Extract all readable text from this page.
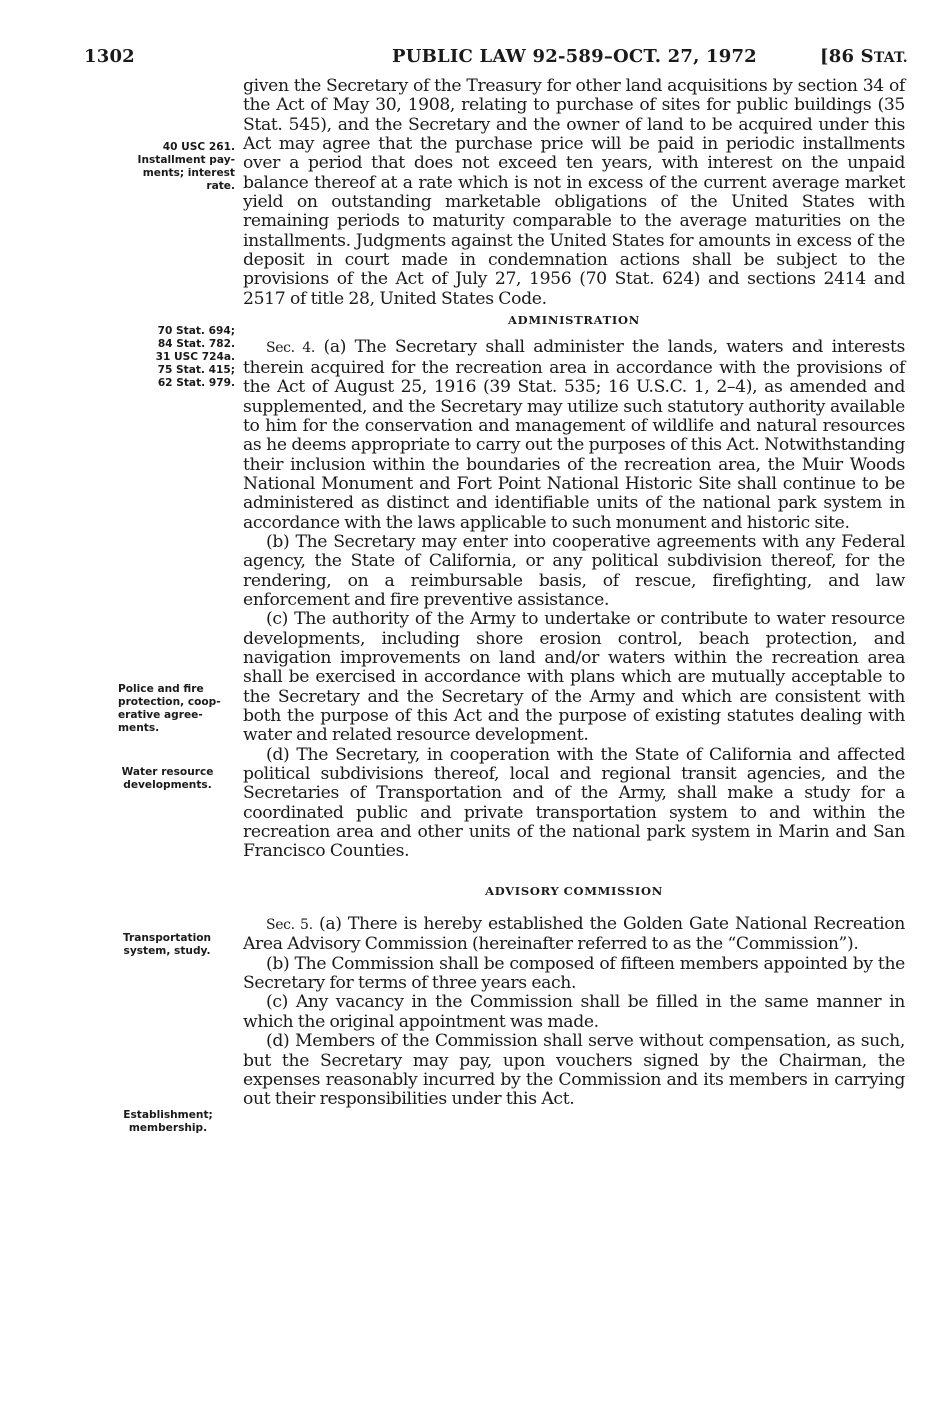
1302	PUBLIC LAW 92-589–OCT. 27, 1972	[86 STAT.
40 USC 261.
Installment pay-
ments; interest
rate.
70 Stat. 694;
84 Stat. 782.
31 USC 724a.
75 Stat. 415;
62 Stat. 979.
Police and fire
protection, coop-
erative agree-
ments.
Water resource
developments.
Transportation
system, study.
Establishment;
membership.

given the Secretary of the Treasury for other land acquisitions by section 34 of the Act of May 30, 1908, relating to purchase of sites for public buildings (35 Stat. 545), and the Secretary and the owner of land to be acquired under this Act may agree that the purchase price will be paid in periodic installments over a period that does not exceed ten years, with interest on the unpaid balance thereof at a rate which is not in excess of the current average market yield on outstanding marketable obligations of the United States with remaining periods to maturity comparable to the average maturities on the installments. Judgments against the United States for amounts in excess of the deposit in court made in condemnation actions shall be subject to the provisions of the Act of July 27, 1956 (70 Stat. 624) and sections 2414 and 2517 of title 28, United States Code.

ADMINISTRATION

Sec. 4. (a) The Secretary shall administer the lands, waters and interests therein acquired for the recreation area in accordance with the provisions of the Act of August 25, 1916 (39 Stat. 535; 16 U.S.C. 1, 2–4), as amended and supplemented, and the Secretary may utilize such statutory authority available to him for the conservation and management of wildlife and natural resources as he deems appropriate to carry out the purposes of this Act. Notwithstanding their inclusion within the boundaries of the recreation area, the Muir Woods National Monument and Fort Point National Historic Site shall continue to be administered as distinct and identifiable units of the national park system in accordance with the laws applicable to such monument and historic site.

(b) The Secretary may enter into cooperative agreements with any Federal agency, the State of California, or any political subdivision thereof, for the rendering, on a reimbursable basis, of rescue, firefighting, and law enforcement and fire preventive assistance.

(c) The authority of the Army to undertake or contribute to water resource developments, including shore erosion control, beach protection, and navigation improvements on land and/or waters within the recreation area shall be exercised in accordance with plans which are mutually acceptable to the Secretary and the Secretary of the Army and which are consistent with both the purpose of this Act and the purpose of existing statutes dealing with water and related resource development.

(d) The Secretary, in cooperation with the State of California and affected political subdivisions thereof, local and regional transit agencies, and the Secretaries of Transportation and of the Army, shall make a study for a coordinated public and private transportation system to and within the recreation area and other units of the national park system in Marin and San Francisco Counties.

ADVISORY COMMISSION

Sec. 5. (a) There is hereby established the Golden Gate National Recreation Area Advisory Commission (hereinafter referred to as the “Commission”).

(b) The Commission shall be composed of fifteen members appointed by the Secretary for terms of three years each.

(c) Any vacancy in the Commission shall be filled in the same manner in which the original appointment was made.

(d) Members of the Commission shall serve without compensation, as such, but the Secretary may pay, upon vouchers signed by the Chairman, the expenses reasonably incurred by the Commission and its members in carrying out their responsibilities under this Act.
